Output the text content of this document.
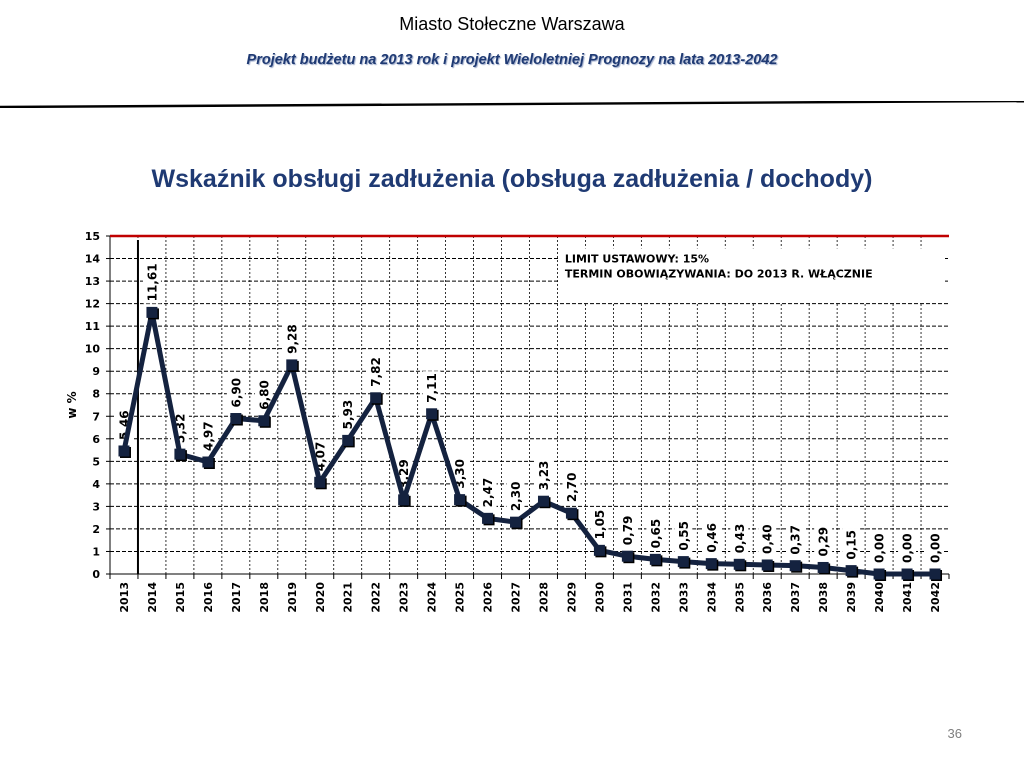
Miasto Stołeczne Warszawa
Projekt budżetu na 2013 rok i projekt Wieloletniej Prognozy na lata 2013-2042
Wskaźnik obsługi zadłużenia (obsługa zadłużenia / dochody)
0
1
2
3
4
5
6
7
8
9
10
11
12
13
14
15
LIMIT USTAWOWY: 15%
TERMIN OBOWIĄZYWANIA: DO 2013 R. WŁĄCZNIE
w %
5,46
11,61
5,32 4,97
6,90 6,80
9,28
4,07
5,93
7,82
3,29
7,11
3,30
2,47 2,30
3,23 2,70
1,05 0,79 0,65 0,55 0,46 0,43 0,40 0,37 0,29 0,15 0,00 0,00 0,00
2013 2014 2015 2016 2017 2018 2019 2020 2021 2022 2023 2024 2025 2026 2027 2028 2029 2030 2031 2032 2033 2034 2035 2036 2037 2038 2039 2040 2041 2042
36
